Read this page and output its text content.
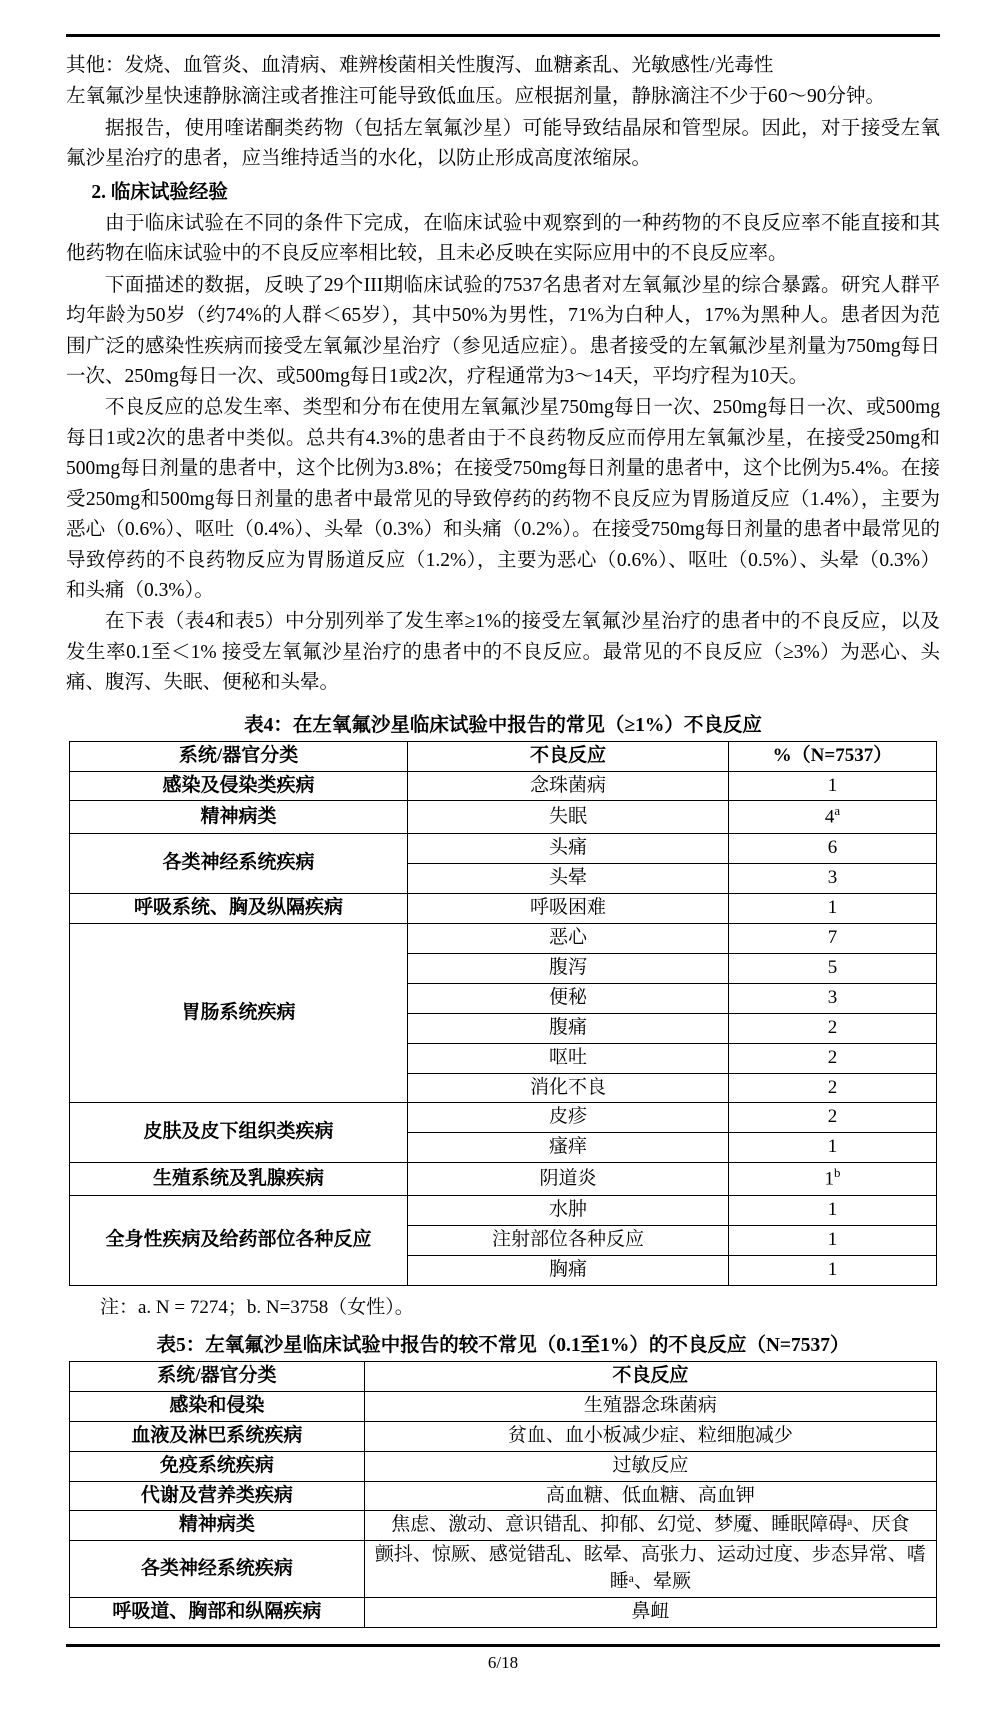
其他：发烧、血管炎、血清病、难辨梭菌相关性腹泻、血糖紊乱、光敏感性/光毒性

左氧氟沙星快速静脉滴注或者推注可能导致低血压。应根据剂量，静脉滴注不少于60～90分钟。

据报告，使用喹诺酮类药物（包括左氧氟沙星）可能导致结晶尿和管型尿。因此，对于接受左氧氟沙星治疗的患者，应当维持适当的水化，以防止形成高度浓缩尿。

2. 临床试验经验

由于临床试验在不同的条件下完成，在临床试验中观察到的一种药物的不良反应率不能直接和其他药物在临床试验中的不良反应率相比较，且未必反映在实际应用中的不良反应率。

下面描述的数据，反映了29个III期临床试验的7537名患者对左氧氟沙星的综合暴露。研究人群平均年龄为50岁（约74%的人群＜65岁），其中50%为男性，71%为白种人，17%为黑种人。患者因为范围广泛的感染性疾病而接受左氧氟沙星治疗（参见适应症）。患者接受的左氧氟沙星剂量为750mg每日一次、250mg每日一次、或500mg每日1或2次，疗程通常为3～14天，平均疗程为10天。

不良反应的总发生率、类型和分布在使用左氧氟沙星750mg每日一次、250mg每日一次、或500mg每日1或2次的患者中类似。总共有4.3%的患者由于不良药物反应而停用左氧氟沙星，在接受250mg和500mg每日剂量的患者中，这个比例为3.8%；在接受750mg每日剂量的患者中，这个比例为5.4%。在接受250mg和500mg每日剂量的患者中最常见的导致停药的药物不良反应为胃肠道反应（1.4%），主要为恶心（0.6%）、呕吐（0.4%）、头晕（0.3%）和头痛（0.2%）。在接受750mg每日剂量的患者中最常见的导致停药的不良药物反应为胃肠道反应（1.2%），主要为恶心（0.6%）、呕吐（0.5%）、头晕（0.3%）和头痛（0.3%）。

在下表（表4和表5）中分别列举了发生率≥1%的接受左氧氟沙星治疗的患者中的不良反应，以及发生率0.1至＜1% 接受左氧氟沙星治疗的患者中的不良反应。最常见的不良反应（≥3%）为恶心、头痛、腹泻、失眠、便秘和头晕。

表4：在左氧氟沙星临床试验中报告的常见（≥1%）不良反应
系统/器官分类	不良反应	%（N=7537）
感染及侵染类疾病	念珠菌病	1
精神病类	失眠	4$^a$
各类神经系统疾病	头痛	6
	头晕	3
呼吸系统、胸及纵隔疾病	呼吸困难	1
胃肠系统疾病	恶心	7
	腹泻	5
	便秘	3
	腹痛	2
	呕吐	2
	消化不良	2
皮肤及皮下组织类疾病	皮疹	2
	瘙痒	1
生殖系统及乳腺疾病	阴道炎	1$^b$
全身性疾病及给药部位各种反应	水肿	1
	注射部位各种反应	1
	胸痛	1
注：a. N = 7274；b. N=3758（女性）。
表5：左氧氟沙星临床试验中报告的较不常见（0.1至1%）的不良反应（N=7537）
系统/器官分类	不良反应
感染和侵染	生殖器念珠菌病
血液及淋巴系统疾病	贫血、血小板减少症、粒细胞减少
免疫系统疾病	过敏反应
代谢及营养类疾病	高血糖、低血糖、高血钾
精神病类	焦虑、激动、意识错乱、抑郁、幻觉、梦魇、睡眠障碍ᵃ、厌食
各类神经系统疾病	颤抖、惊厥、感觉错乱、眩晕、高张力、运动过度、步态异常、嗜睡ᵃ、晕厥
呼吸道、胸部和纵隔疾病	鼻衄
6/18
